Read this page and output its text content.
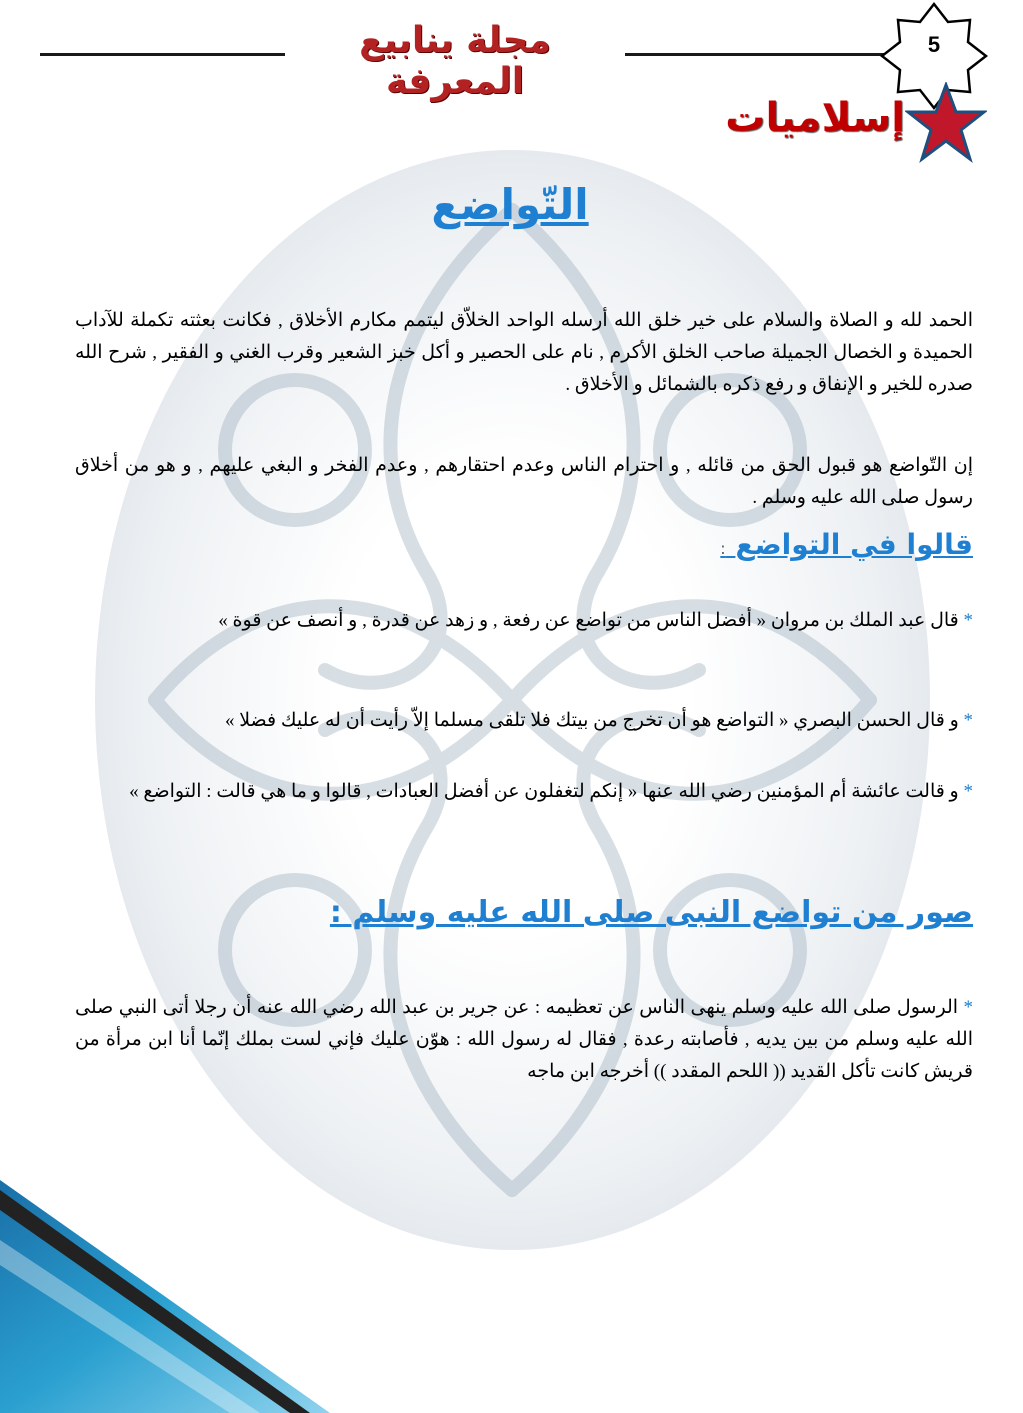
مجلة ينابيع المعرفة
5
إسلاميات
التّواضع
الحمد لله و الصلاة والسلام على خير خلق الله أرسله الواحد الخلاّق ليتمم مكارم الأخلاق , فكانت بعثته تكملة للآداب الحميدة و الخصال الجميلة صاحب الخلق الأكرم , نام على الحصير و أكل خبز الشعير وقرب الغني و الفقير , شرح الله صدره للخير و الإنفاق و رفع ذكره بالشمائل و الأخلاق .
إن التّواضع هو قبول الحق من قائله , و احترام الناس وعدم احتقارهم , وعدم الفخر و البغي عليهم , و هو من أخلاق رسول صلى الله عليه وسلم .
قالوا في التواضع :
* قال عبد الملك بن مروان « أفضل الناس من تواضع عن رفعة , و زهد عن قدرة , و أنصف عن قوة »
* و قال الحسن البصري « التواضع هو أن تخرج من بيتك فلا تلقى مسلما إلاّ رأيت أن له عليك فضلا »
* و قالت عائشة أم المؤمنين رضي الله عنها « إنكم لتغفلون عن أفضل العبادات , قالوا و ما هي قالت : التواضع »
صور من تواضع النبى صلى الله عليه وسلم :
* الرسول صلى الله عليه وسلم ينهى الناس عن تعظيمه : عن جرير بن عبد الله رضي الله عنه أن رجلا أتى النبي صلى الله عليه وسلم من بين يديه , فأصابته رعدة , فقال له رسول الله : هوّن عليك فإني لست بملك إنّما أنا ابن مرأة من قريش كانت تأكل القديد (( اللحم المقدد )) أخرجه ابن ماجه
